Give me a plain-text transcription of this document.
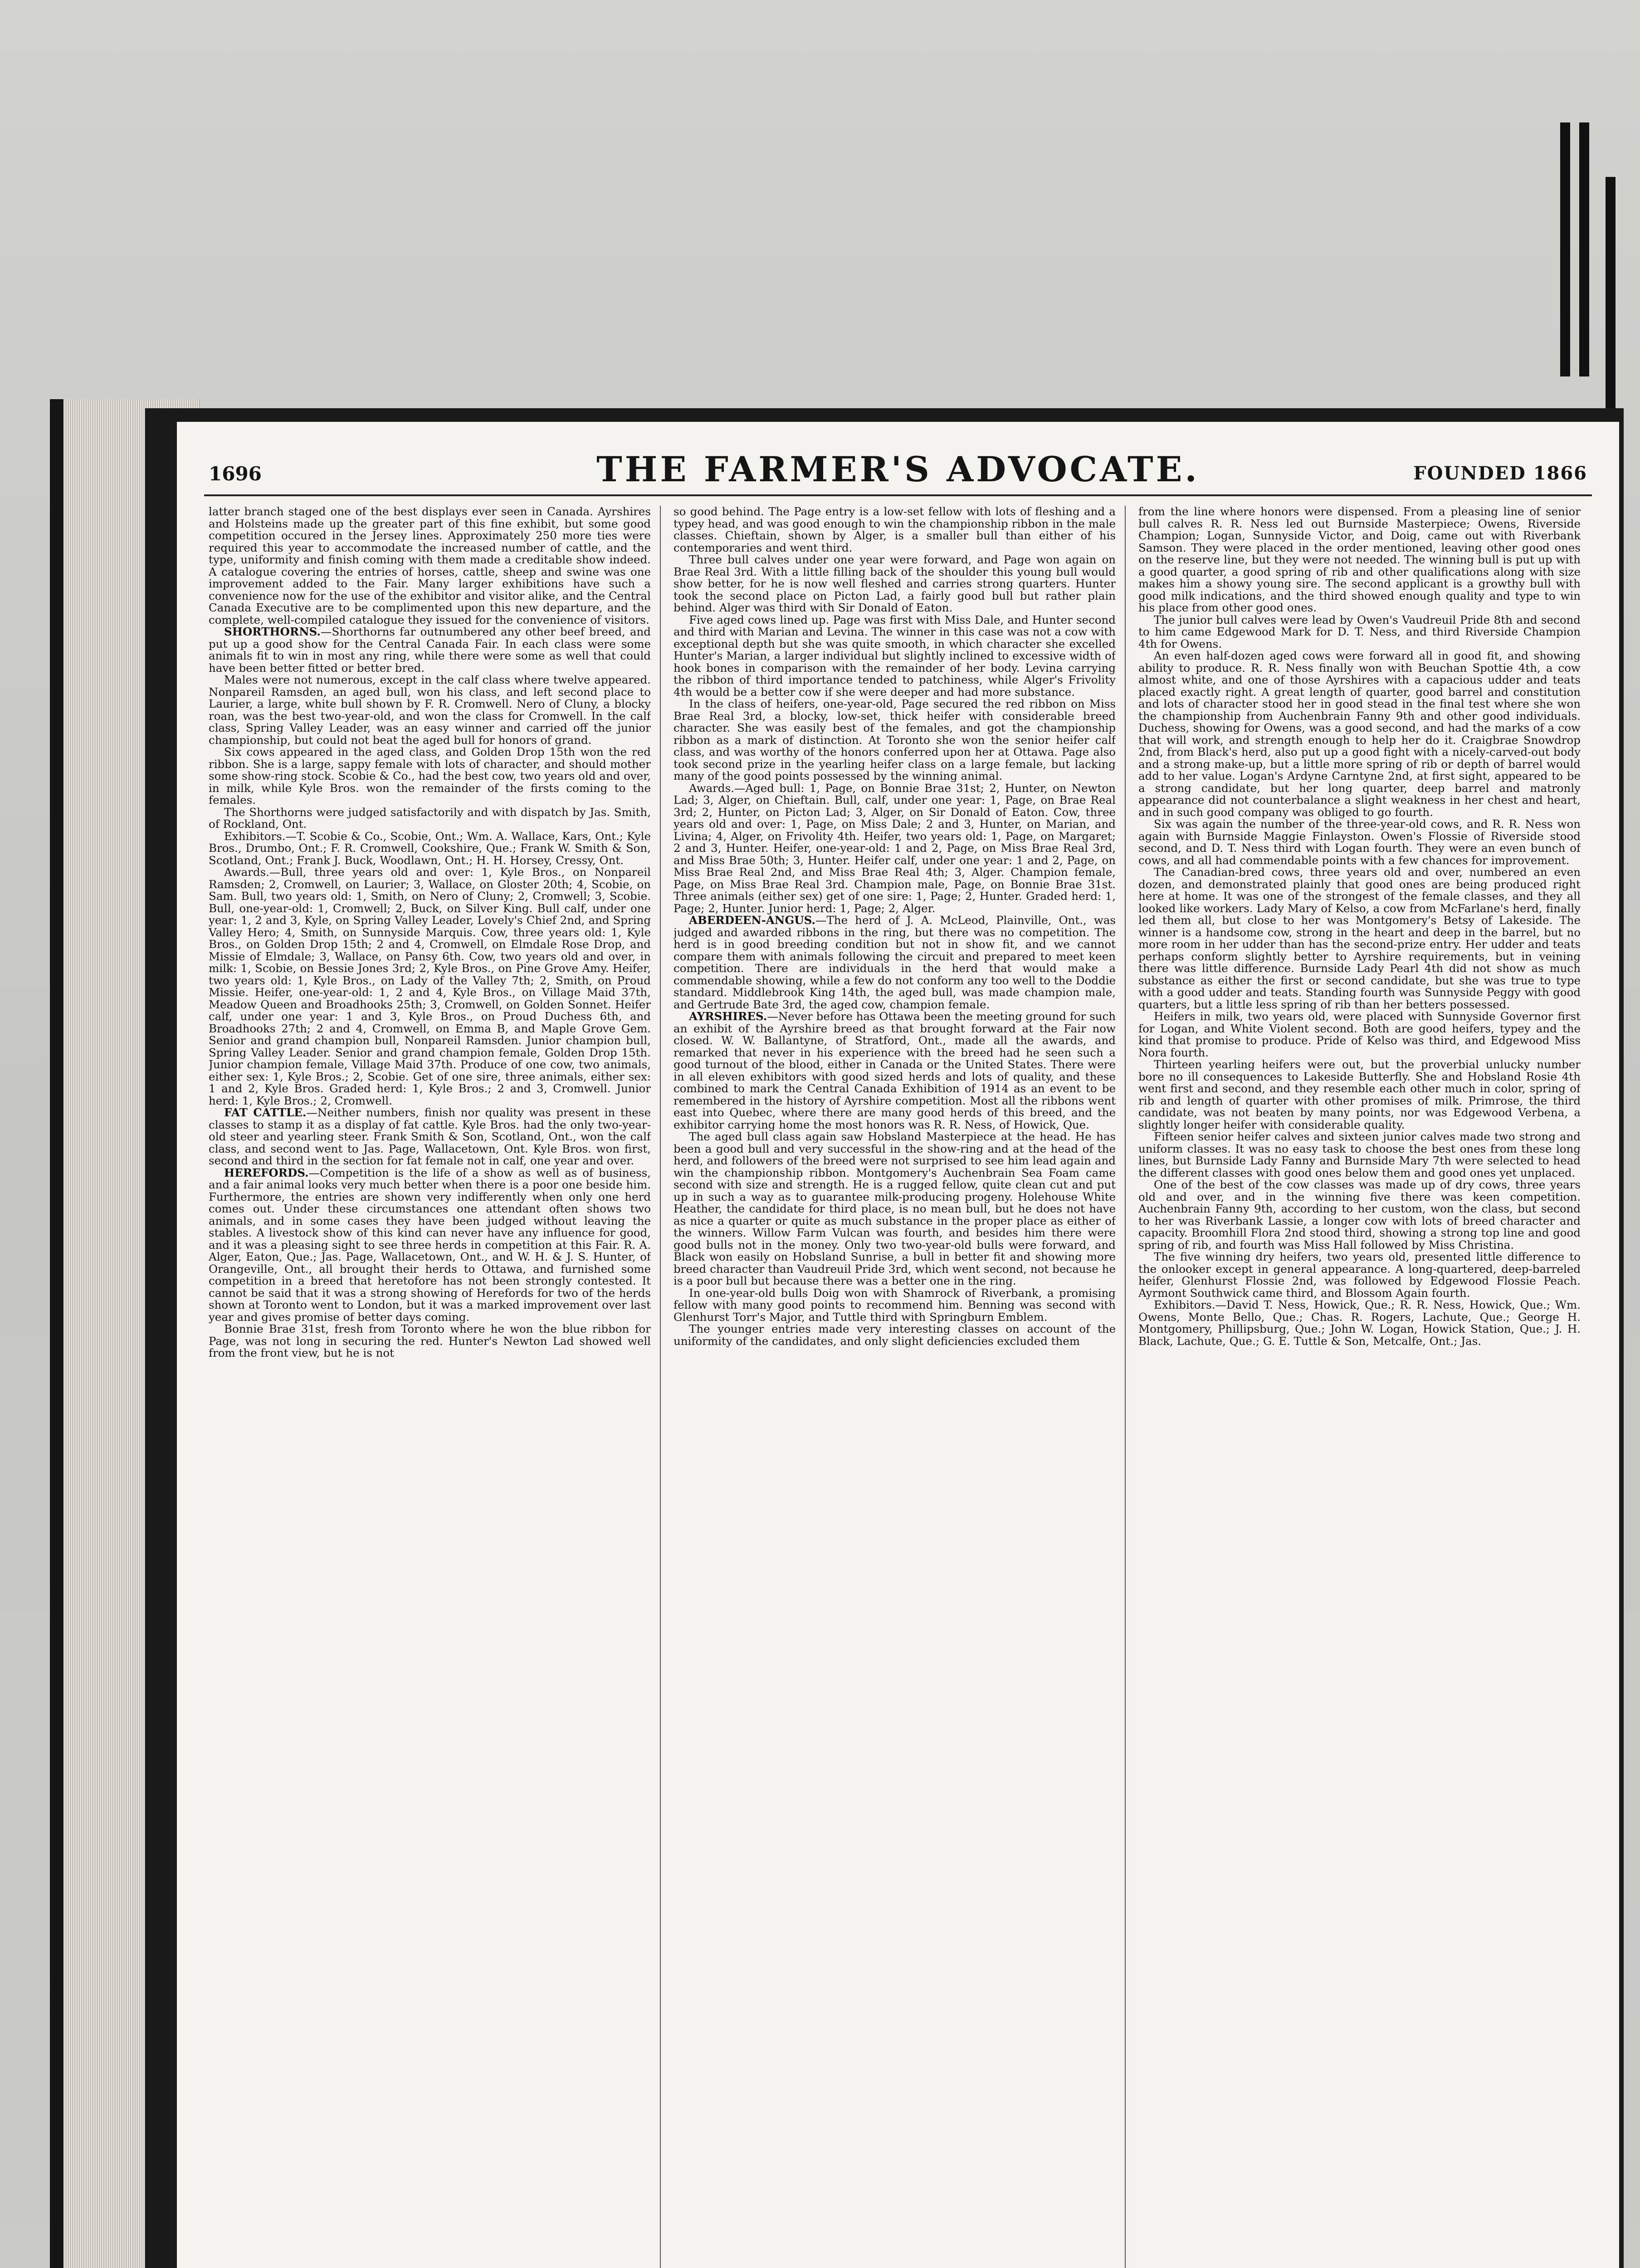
1696	THE FARMER'S ADVOCATE.	FOUNDED 1866

latter branch staged one of the best displays ever seen in Canada. Ayrshires and Holsteins made up the greater part of this fine exhibit, but some good competition occured in the Jersey lines. Approximately 250 more ties were required this year to accommodate the increased number of cattle, and the type, uniformity and finish coming with them made a creditable show indeed. A catalogue covering the entries of horses, cattle, sheep and swine was one improvement added to the Fair. Many larger exhibitions have such a convenience now for the use of the exhibitor and visitor alike, and the Central Canada Executive are to be complimented upon this new departure, and the complete, well-compiled catalogue they issued for the convenience of visitors.

SHORTHORNS.—Shorthorns far outnumbered any other beef breed, and put up a good show for the Central Canada Fair. In each class were some animals fit to win in most any ring, while there were some as well that could have been better fitted or better bred.

Males were not numerous, except in the calf class where twelve appeared. Nonpareil Ramsden, an aged bull, won his class, and left second place to Laurier, a large, white bull shown by F. R. Cromwell. Nero of Cluny, a blocky roan, was the best two-year-old, and won the class for Cromwell. In the calf class, Spring Valley Leader, was an easy winner and carried off the junior championship, but could not beat the aged bull for honors of grand.

Six cows appeared in the aged class, and Golden Drop 15th won the red ribbon. She is a large, sappy female with lots of character, and should mother some show-ring stock. Scobie & Co., had the best cow, two years old and over, in milk, while Kyle Bros. won the remainder of the firsts coming to the females.

The Shorthorns were judged satisfactorily and with dispatch by Jas. Smith, of Rockland, Ont.

Exhibitors.—T. Scobie & Co., Scobie, Ont.; Wm. A. Wallace, Kars, Ont.; Kyle Bros., Drumbo, Ont.; F. R. Cromwell, Cookshire, Que.; Frank W. Smith & Son, Scotland, Ont.; Frank J. Buck, Woodlawn, Ont.; H. H. Horsey, Cressy, Ont.

Awards.—Bull, three years old and over: 1, Kyle Bros., on Nonpareil Ramsden; 2, Cromwell, on Laurier; 3, Wallace, on Gloster 20th; 4, Scobie, on Sam. Bull, two years old: 1, Smith, on Nero of Cluny; 2, Cromwell; 3, Scobie. Bull, one-year-old: 1, Cromwell; 2, Buck, on Silver King. Bull calf, under one year: 1, 2 and 3, Kyle, on Spring Valley Leader, Lovely's Chief 2nd, and Spring Valley Hero; 4, Smith, on Sunnyside Marquis. Cow, three years old: 1, Kyle Bros., on Golden Drop 15th; 2 and 4, Cromwell, on Elmdale Rose Drop, and Missie of Elmdale; 3, Wallace, on Pansy 6th. Cow, two years old and over, in milk: 1, Scobie, on Bessie Jones 3rd; 2, Kyle Bros., on Pine Grove Amy. Heifer, two years old: 1, Kyle Bros., on Lady of the Valley 7th; 2, Smith, on Proud Missie. Heifer, one-year-old: 1, 2 and 4, Kyle Bros., on Village Maid 37th, Meadow Queen and Broadhooks 25th; 3, Cromwell, on Golden Sonnet. Heifer calf, under one year: 1 and 3, Kyle Bros., on Proud Duchess 6th, and Broadhooks 27th; 2 and 4, Cromwell, on Emma B, and Maple Grove Gem. Senior and grand champion bull, Nonpareil Ramsden. Junior champion bull, Spring Valley Leader. Senior and grand champion female, Golden Drop 15th. Junior champion female, Village Maid 37th. Produce of one cow, two animals, either sex: 1, Kyle Bros.; 2, Scobie. Get of one sire, three animals, either sex: 1 and 2, Kyle Bros. Graded herd: 1, Kyle Bros.; 2 and 3, Cromwell. Junior herd: 1, Kyle Bros.; 2, Cromwell.

FAT CATTLE.—Neither numbers, finish nor quality was present in these classes to stamp it as a display of fat cattle. Kyle Bros. had the only two-year-old steer and yearling steer. Frank Smith & Son, Scotland, Ont., won the calf class, and second went to Jas. Page, Wallacetown, Ont. Kyle Bros. won first, second and third in the section for fat female not in calf, one year and over.

HEREFORDS.—Competition is the life of a show as well as of business, and a fair animal looks very much better when there is a poor one beside him. Furthermore, the entries are shown very indifferently when only one herd comes out. Under these circumstances one attendant often shows two animals, and in some cases they have been judged without leaving the stables. A livestock show of this kind can never have any influence for good, and it was a pleasing sight to see three herds in competition at this Fair. R. A. Alger, Eaton, Que.; Jas. Page, Wallacetown, Ont., and W. H. & J. S. Hunter, of Orangeville, Ont., all brought their herds to Ottawa, and furnished some competition in a breed that heretofore has not been strongly contested. It cannot be said that it was a strong showing of Herefords for two of the herds shown at Toronto went to London, but it was a marked improvement over last year and gives promise of better days coming.

Bonnie Brae 31st, fresh from Toronto where he won the blue ribbon for Page, was not long in securing the red. Hunter's Newton Lad showed well from the front view, but he is not

so good behind. The Page entry is a low-set fellow with lots of fleshing and a typey head, and was good enough to win the championship ribbon in the male classes. Chieftain, shown by Alger, is a smaller bull than either of his contemporaries and went third.

Three bull calves under one year were forward, and Page won again on Brae Real 3rd. With a little filling back of the shoulder this young bull would show better, for he is now well fleshed and carries strong quarters. Hunter took the second place on Picton Lad, a fairly good bull but rather plain behind. Alger was third with Sir Donald of Eaton.

Five aged cows lined up. Page was first with Miss Dale, and Hunter second and third with Marian and Levina. The winner in this case was not a cow with exceptional depth but she was quite smooth, in which character she excelled Hunter's Marian, a larger individual but slightly inclined to excessive width of hook bones in comparison with the remainder of her body. Levina carrying the ribbon of third importance tended to patchiness, while Alger's Frivolity 4th would be a better cow if she were deeper and had more substance.

In the class of heifers, one-year-old, Page secured the red ribbon on Miss Brae Real 3rd, a blocky, low-set, thick heifer with considerable breed character. She was easily best of the females, and got the championship ribbon as a mark of distinction. At Toronto she won the senior heifer calf class, and was worthy of the honors conferred upon her at Ottawa. Page also took second prize in the yearling heifer class on a large female, but lacking many of the good points possessed by the winning animal.

Awards.—Aged bull: 1, Page, on Bonnie Brae 31st; 2, Hunter, on Newton Lad; 3, Alger, on Chieftain. Bull, calf, under one year: 1, Page, on Brae Real 3rd; 2, Hunter, on Picton Lad; 3, Alger, on Sir Donald of Eaton. Cow, three years old and over: 1, Page, on Miss Dale; 2 and 3, Hunter, on Marian, and Livina; 4, Alger, on Frivolity 4th. Heifer, two years old: 1, Page, on Margaret; 2 and 3, Hunter. Heifer, one-year-old: 1 and 2, Page, on Miss Brae Real 3rd, and Miss Brae 50th; 3, Hunter. Heifer calf, under one year: 1 and 2, Page, on Miss Brae Real 2nd, and Miss Brae Real 4th; 3, Alger. Champion female, Page, on Miss Brae Real 3rd. Champion male, Page, on Bonnie Brae 31st. Three animals (either sex) get of one sire: 1, Page; 2, Hunter. Graded herd: 1, Page; 2, Hunter. Junior herd: 1, Page; 2, Alger.

ABERDEEN-ANGUS.—The herd of J. A. McLeod, Plainville, Ont., was judged and awarded ribbons in the ring, but there was no competition. The herd is in good breeding condition but not in show fit, and we cannot compare them with animals following the circuit and prepared to meet keen competition. There are individuals in the herd that would make a commendable showing, while a few do not conform any too well to the Doddie standard. Middlebrook King 14th, the aged bull, was made champion male, and Gertrude Bate 3rd, the aged cow, champion female.

AYRSHIRES.—Never before has Ottawa been the meeting ground for such an exhibit of the Ayrshire breed as that brought forward at the Fair now closed. W. W. Ballantyne, of Stratford, Ont., made all the awards, and remarked that never in his experience with the breed had he seen such a good turnout of the blood, either in Canada or the United States. There were in all eleven exhibitors with good sized herds and lots of quality, and these combined to mark the Central Canada Exhibition of 1914 as an event to be remembered in the history of Ayrshire competition. Most all the ribbons went east into Quebec, where there are many good herds of this breed, and the exhibitor carrying home the most honors was R. R. Ness, of Howick, Que.

The aged bull class again saw Hobsland Masterpiece at the head. He has been a good bull and very successful in the show-ring and at the head of the herd, and followers of the breed were not surprised to see him lead again and win the championship ribbon. Montgomery's Auchenbrain Sea Foam came second with size and strength. He is a rugged fellow, quite clean cut and put up in such a way as to guarantee milk-producing progeny. Holehouse White Heather, the candidate for third place, is no mean bull, but he does not have as nice a quarter or quite as much substance in the proper place as either of the winners. Willow Farm Vulcan was fourth, and besides him there were good bulls not in the money. Only two two-year-old bulls were forward, and Black won easily on Hobsland Sunrise, a bull in better fit and showing more breed character than Vaudreuil Pride 3rd, which went second, not because he is a poor bull but because there was a better one in the ring.

In one-year-old bulls Doig won with Shamrock of Riverbank, a promising fellow with many good points to recommend him. Benning was second with Glenhurst Torr's Major, and Tuttle third with Springburn Emblem.

The younger entries made very interesting classes on account of the uniformity of the candidates, and only slight deficiencies excluded them

from the line where honors were dispensed. From a pleasing line of senior bull calves R. R. Ness led out Burnside Masterpiece; Owens, Riverside Champion; Logan, Sunnyside Victor, and Doig, came out with Riverbank Samson. They were placed in the order mentioned, leaving other good ones on the reserve line, but they were not needed. The winning bull is put up with a good quarter, a good spring of rib and other qualifications along with size makes him a showy young sire. The second applicant is a growthy bull with good milk indications, and the third showed enough quality and type to win his place from other good ones.

The junior bull calves were lead by Owen's Vaudreuil Pride 8th and second to him came Edgewood Mark for D. T. Ness, and third Riverside Champion 4th for Owens.

An even half-dozen aged cows were forward all in good fit, and showing ability to produce. R. R. Ness finally won with Beuchan Spottie 4th, a cow almost white, and one of those Ayrshires with a capacious udder and teats placed exactly right. A great length of quarter, good barrel and constitution and lots of character stood her in good stead in the final test where she won the championship from Auchenbrain Fanny 9th and other good individuals. Duchess, showing for Owens, was a good second, and had the marks of a cow that will work, and strength enough to help her do it. Craigbrae Snowdrop 2nd, from Black's herd, also put up a good fight with a nicely-carved-out body and a strong make-up, but a little more spring of rib or depth of barrel would add to her value. Logan's Ardyne Carntyne 2nd, at first sight, appeared to be a strong candidate, but her long quarter, deep barrel and matronly appearance did not counterbalance a slight weakness in her chest and heart, and in such good company was obliged to go fourth.

Six was again the number of the three-year-old cows, and R. R. Ness won again with Burnside Maggie Finlayston. Owen's Flossie of Riverside stood second, and D. T. Ness third with Logan fourth. They were an even bunch of cows, and all had commendable points with a few chances for improvement.

The Canadian-bred cows, three years old and over, numbered an even dozen, and demonstrated plainly that good ones are being produced right here at home. It was one of the strongest of the female classes, and they all looked like workers. Lady Mary of Kelso, a cow from McFarlane's herd, finally led them all, but close to her was Montgomery's Betsy of Lakeside. The winner is a handsome cow, strong in the heart and deep in the barrel, but no more room in her udder than has the second-prize entry. Her udder and teats perhaps conform slightly better to Ayrshire requirements, but in veining there was little difference. Burnside Lady Pearl 4th did not show as much substance as either the first or second candidate, but she was true to type with a good udder and teats. Standing fourth was Sunnyside Peggy with good quarters, but a little less spring of rib than her betters possessed.

Heifers in milk, two years old, were placed with Sunnyside Governor first for Logan, and White Violent second. Both are good heifers, typey and the kind that promise to produce. Pride of Kelso was third, and Edgewood Miss Nora fourth.

Thirteen yearling heifers were out, but the proverbial unlucky number bore no ill consequences to Lakeside Butterfly. She and Hobsland Rosie 4th went first and second, and they resemble each other much in color, spring of rib and length of quarter with other promises of milk. Primrose, the third candidate, was not beaten by many points, nor was Edgewood Verbena, a slightly longer heifer with considerable quality.

Fifteen senior heifer calves and sixteen junior calves made two strong and uniform classes. It was no easy task to choose the best ones from these long lines, but Burnside Lady Fanny and Burnside Mary 7th were selected to head the different classes with good ones below them and good ones yet unplaced.

One of the best of the cow classes was made up of dry cows, three years old and over, and in the winning five there was keen competition. Auchenbrain Fanny 9th, according to her custom, won the class, but second to her was Riverbank Lassie, a longer cow with lots of breed character and capacity. Broomhill Flora 2nd stood third, showing a strong top line and good spring of rib, and fourth was Miss Hall followed by Miss Christina.

The five winning dry heifers, two years old, presented little difference to the onlooker except in general appearance. A long-quartered, deep-barreled heifer, Glenhurst Flossie 2nd, was followed by Edgewood Flossie Peach. Ayrmont Southwick came third, and Blossom Again fourth.

Exhibitors.—David T. Ness, Howick, Que.; R. R. Ness, Howick, Que.; Wm. Owens, Monte Bello, Que.; Chas. R. Rogers, Lachute, Que.; George H. Montgomery, Phillipsburg, Que.; John W. Logan, Howick Station, Que.; J. H. Black, Lachute, Que.; G. E. Tuttle & Son, Metcalfe, Ont.; Jas.
